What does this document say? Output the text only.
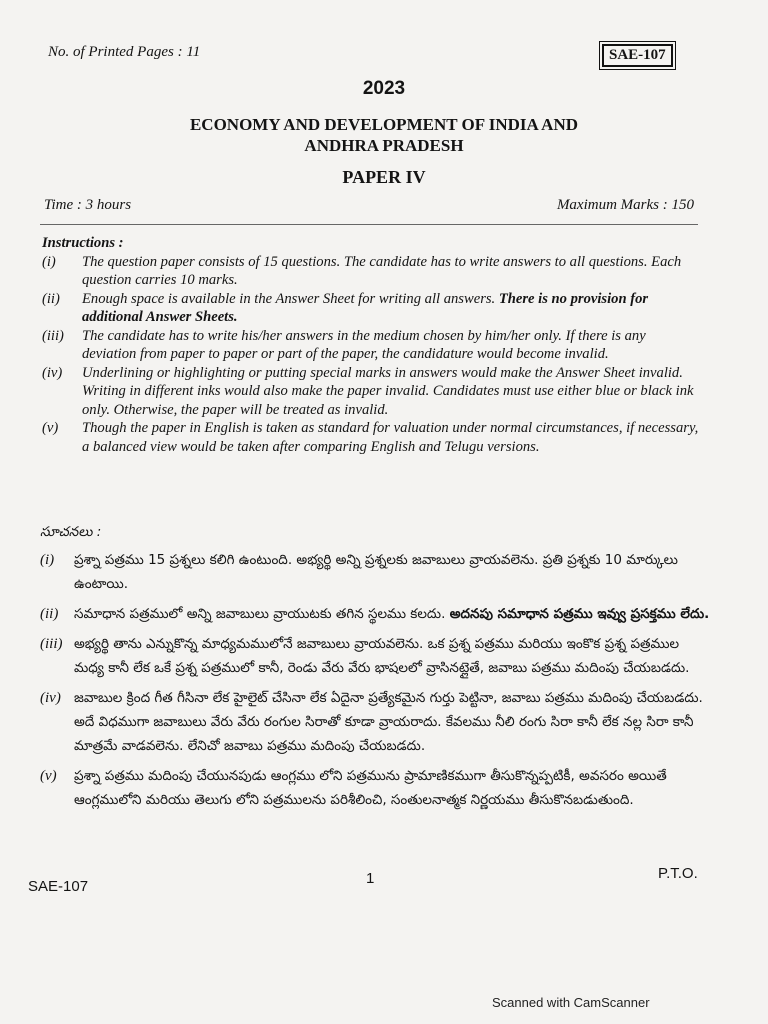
No. of Printed Pages : 11	SAE-107
2023
ECONOMY AND DEVELOPMENT OF INDIA AND
ANDHRA PRADESH
PAPER IV
Time : 3 hours	Maximum Marks : 150
Instructions :
(i)	The question paper consists of 15 questions. The candidate has to write answers to all questions. Each question carries 10 marks.
(ii)	Enough space is available in the Answer Sheet for writing all answers. There is no provision for additional Answer Sheets.
(iii)	The candidate has to write his/her answers in the medium chosen by him/her only. If there is any deviation from paper to paper or part of the paper, the candidature would become invalid.
(iv)	Underlining or highlighting or putting special marks in answers would make the Answer Sheet invalid. Writing in different inks would also make the paper invalid. Candidates must use either blue or black ink only. Otherwise, the paper will be treated as invalid.
(v)	Though the paper in English is taken as standard for valuation under normal circumstances, if necessary, a balanced view would be taken after comparing English and Telugu versions.
సూచనలు :
(i)	ప్రశ్నా పత్రము 15 ప్రశ్నలు కలిగి ఉంటుంది. అభ్యర్థి అన్ని ప్రశ్నలకు జవాబులు వ్రాయవలెను. ప్రతి ప్రశ్నకు 10 మార్కులు ఉంటాయి.
(ii)	సమాధాన పత్రములో అన్ని జవాబులు వ్రాయుటకు తగిన స్థలము కలదు. అదనపు సమాధాన పత్రము ఇవ్వు ప్రసక్తము లేదు.
(iii) అభ్యర్థి తాను ఎన్నుకొన్న మాధ్యమములోనే జవాబులు వ్రాయవలెను. ఒక ప్రశ్న పత్రము మరియు ఇంకొక ప్రశ్న పత్రముల మధ్య కానీ లేక ఒకే ప్రశ్న పత్రములో కానీ, రెండు వేరు వేరు భాషలలో వ్రాసినట్లైతే, జవాబు పత్రము మదింపు చేయబడదు.
(iv) జవాబుల క్రింద గీత గీసినా లేక హైలైట్ చేసినా లేక ఏదైనా ప్రత్యేకమైన గుర్తు పెట్టినా, జవాబు పత్రము మదింపు చేయబడదు. అదే విధముగా జవాబులు వేరు వేరు రంగుల సిరాతో కూడా వ్రాయరాదు. కేవలము నీలి రంగు సిరా కానీ లేక నల్ల సిరా కానీ మాత్రమే వాడవలెను. లేనిచో జవాబు పత్రము మదింపు చేయబడదు.
(v)	ప్రశ్నా పత్రము మదింపు చేయునపుడు ఆంగ్లము లోని పత్రమును ప్రామాణికముగా తీసుకొన్నప్పటికీ, అవసరం అయితే ఆంగ్లములోని మరియు తెలుగు లోని పత్రములను పరిశీలించి, సంతులనాత్మక నిర్ణయము తీసుకొనబడుతుంది.
SAE-107	1	P.T.O.
Scanned with CamScanner
